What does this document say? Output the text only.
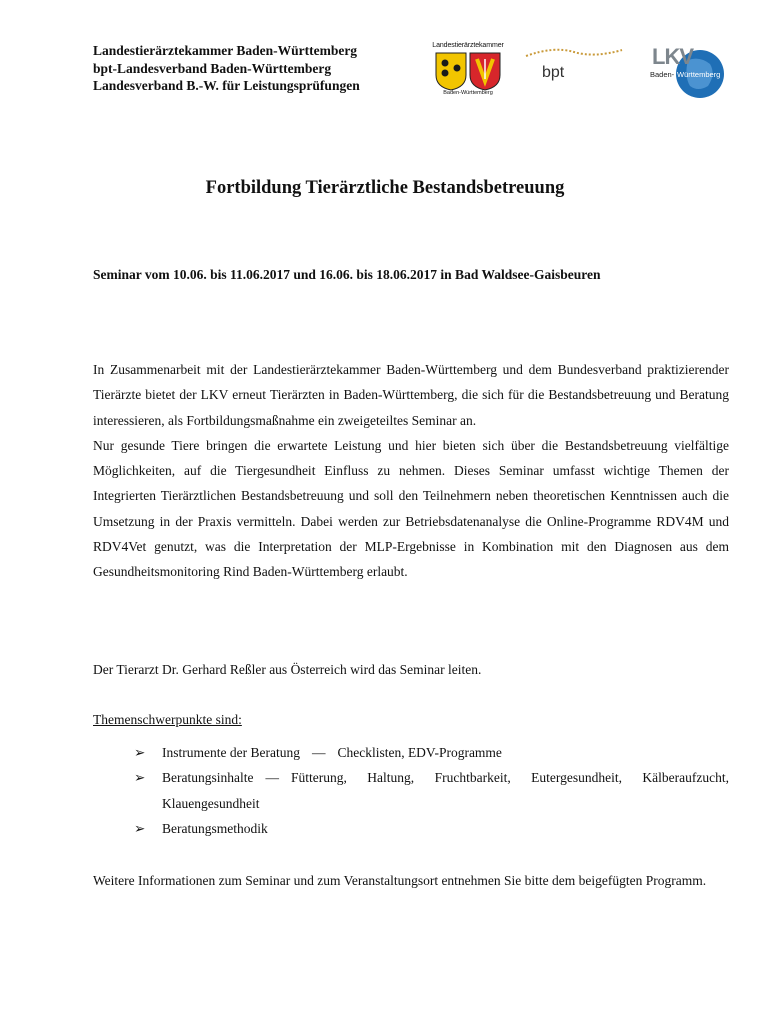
Landestierärztekammer Baden-Württemberg
bpt-Landesverband Baden-Württemberg
Landesverband B.-W. für Leistungsprüfungen
Landestierärztekammer
Baden-Württemberg
bpt
LKV
Baden- Württemberg
Fortbildung Tierärztliche Bestandsbetreuung
Seminar vom 10.06. bis 11.06.2017 und 16.06. bis 18.06.2017 in Bad Waldsee-Gaisbeuren

In Zusammenarbeit mit der Landestierärztekammer Baden-Württemberg und dem Bundesverband praktizierender Tierärzte bietet der LKV erneut Tierärzten in Baden-Württemberg, die sich für die Bestandsbetreuung und Beratung interessieren, als Fortbildungsmaßnahme ein zweigeteiltes Seminar an.

Nur gesunde Tiere bringen die erwartete Leistung und hier bieten sich über die Bestandsbetreuung vielfältige Möglichkeiten, auf die Tiergesundheit Einfluss zu nehmen. Dieses Seminar umfasst wichtige Themen der Integrierten Tierärztlichen Bestandsbetreuung und soll den Teilnehmern neben theoretischen Kenntnissen auch die Umsetzung in der Praxis vermitteln. Dabei werden zur Betriebsdatenanalyse die Online-Programme RDV4M und RDV4Vet genutzt, was die Interpretation der MLP-Ergebnisse in Kombination mit den Diagnosen aus dem Gesundheitsmonitoring Rind Baden-Württemberg erlaubt.

Der Tierarzt Dr. Gerhard Reßler aus Österreich wird das Seminar leiten.
Themenschwerpunkte sind:
➢ Instrumente der Beratung — Checklisten, EDV-Programme
➢ Beratungsinhalte — Fütterung, Haltung, Fruchtbarkeit, Eutergesundheit, Kälberaufzucht, Klauengesundheit
➢ Beratungsmethodik
Weitere Informationen zum Seminar und zum Veranstaltungsort entnehmen Sie bitte dem beigefügten Programm.
